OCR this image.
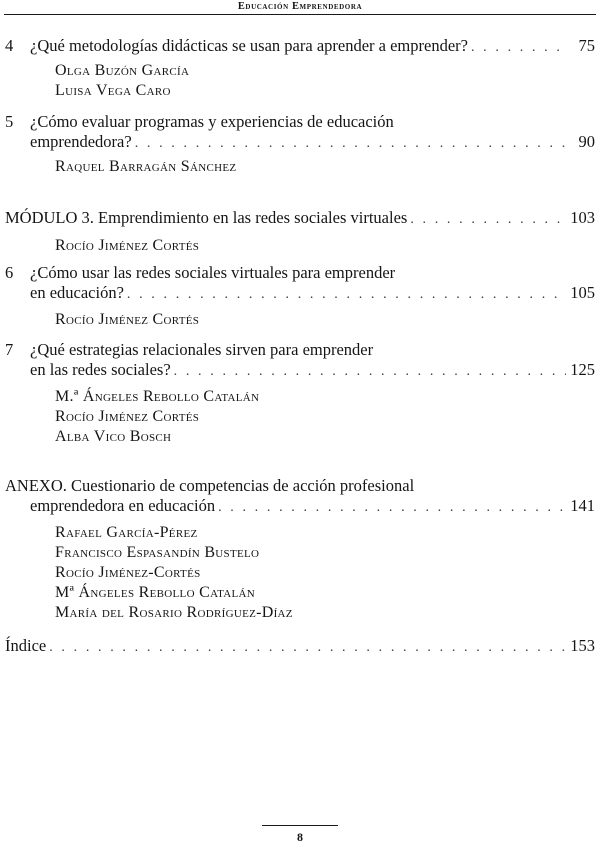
Educación Emprendedora
4	¿Qué metodologías didácticas se usan para aprender a emprender? . . .	75
Olga Buzón García
Luisa Vega Caro
5	¿Cómo evaluar programas y experiencias de educación
emprendedora? . . .	90
Raquel Barragán Sánchez
MÓDULO 3. Emprendimiento en las redes sociales virtuales . . .	103
Rocío Jiménez Cortés
6	¿Cómo usar las redes sociales virtuales para emprender
en educación? . . .	105
Rocío Jiménez Cortés
7	¿Qué estrategias relacionales sirven para emprender
en las redes sociales? . . .	125
M.ª Ángeles Rebollo Catalán
Rocío Jiménez Cortés
Alba Vico Bosch
ANEXO. Cuestionario de competencias de acción profesional
emprendedora en educación . . .	141
Rafael García-Pérez
Francisco Espasandín Bustelo
Rocío Jiménez-Cortés
Mª Ángeles Rebollo Catalán
María del Rosario Rodríguez-Díaz
Índice . . .	153
8
